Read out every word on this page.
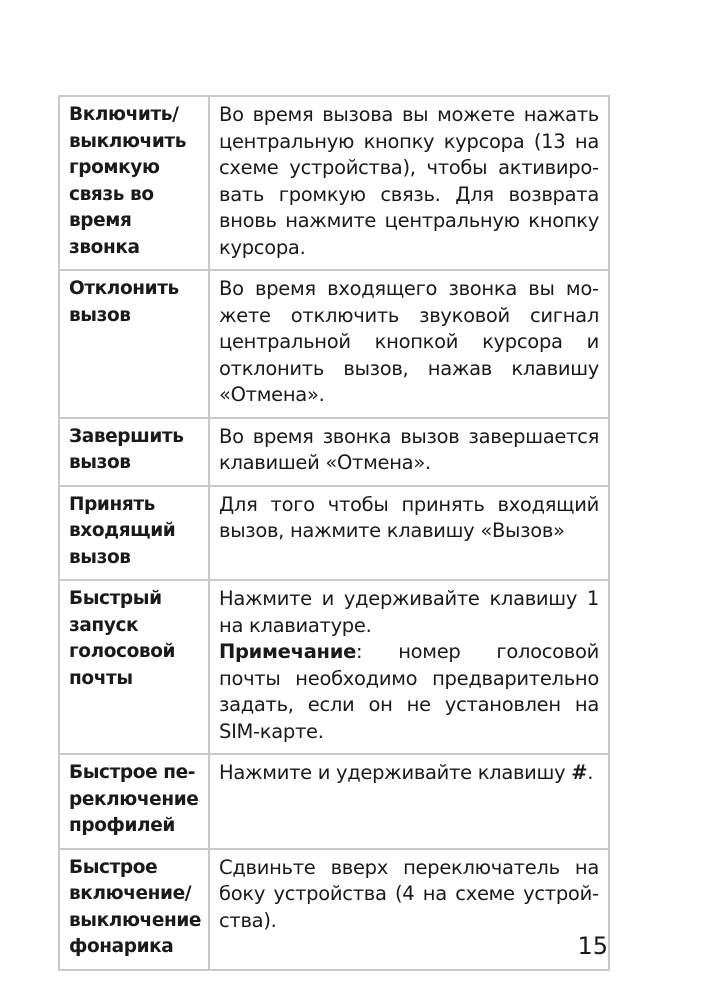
Включить/ выключить громкую связь во время звонка	Во время вызова вы можете нажать центральную кнопку курсора (13 на схеме устройства), чтобы активировать громкую связь. Для возврата вновь нажмите центральную кнопку курсора.
Отклонить вызов	Во время входящего звонка вы можете отключить звуковой сигнал центральной кнопкой курсора и отклонить вызов, нажав клавишу «Отмена».
Завершить вызов	Во время звонка вызов завершается клавишей «Отмена».
Принять входящий вызов	Для того чтобы принять входящий вызов, нажмите клавишу «Вызов»
Быстрый запуск голосовой почты	Нажмите и удерживайте клавишу 1 на клавиатуре.
Примечание: номер голосовой почты необходимо предварительно задать, если он не установлен на SIM-карте.

Быстрое переключение профилей	Нажмите и удерживайте клавишу #.
Быстрое включение/ выключение фонарика	Сдвиньте вверх переключатель на боку устройства (4 на схеме устройства).
15
